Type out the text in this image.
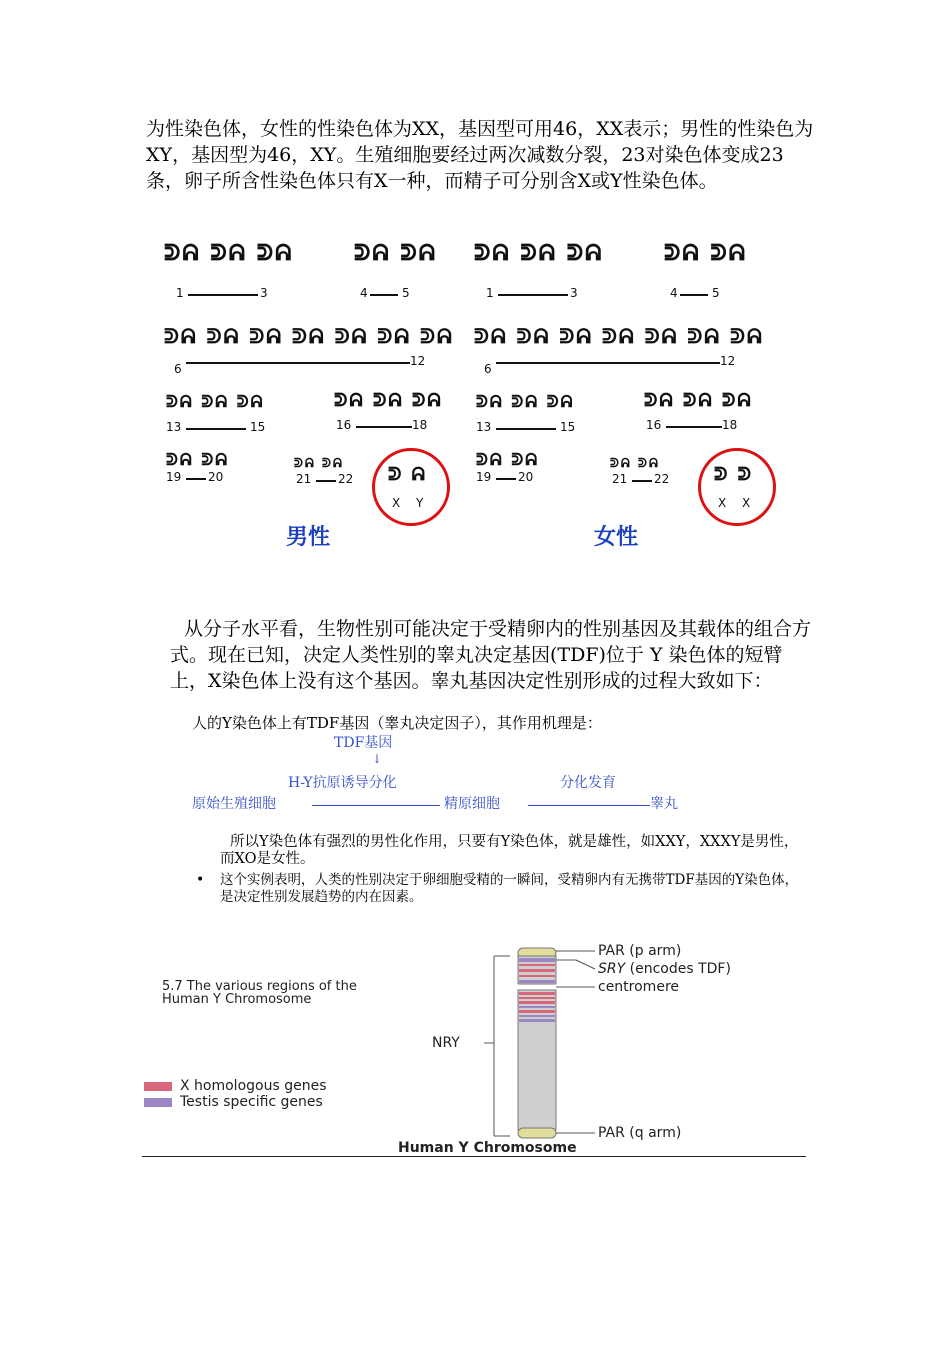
为性染色体，女性的性染色体为XX，基因型可用46，XX表示；男性的性染色为XY，基因型为46，XY。生殖细胞要经过两次减数分裂，23对染色体变成23条，卵子所含性染色体只有X一种，而精子可分别含X或Y性染色体。
ᕲᕱ ᕲᕱ ᕲᕱ
1	3
ᕲᕱ ᕲᕱ
4	5
ᕲᕱ ᕲᕱ ᕲᕱ ᕲᕱ ᕲᕱ ᕲᕱ ᕲᕱ
6
12
ᕲᕱ ᕲᕱ ᕲᕱ
13	15
ᕲᕱ ᕲᕱ ᕲᕱ
16	18
ᕲᕱ ᕲᕱ
19 20
ᕲᕱ ᕲᕱ
21 22 ᕲ ᕱ
X Y
男性
ᕲᕱ ᕲᕱ ᕲᕱ
1	3
ᕲᕱ ᕲᕱ
4	5
ᕲᕱ ᕲᕱ ᕲᕱ ᕲᕱ ᕲᕱ ᕲᕱ ᕲᕱ
6
12
ᕲᕱ ᕲᕱ ᕲᕱ
13	15
ᕲᕱ ᕲᕱ ᕲᕱ
16	18
ᕲᕱ ᕲᕱ
19 20
ᕲᕱ ᕲᕱ
21 22 ᕲ ᕲ
X X
女性
从分子水平看，生物性别可能决定于受精卵内的性别基因及其载体的组合方式。现在已知，决定人类性别的睾丸决定基因(TDF)位于 Y 染色体的短臂上，X染色体上没有这个基因。睾丸基因决定性别形成的过程大致如下：
人的Y染色体上有TDF基因（睾丸决定因子），其作用机理是：
TDF基因
↓
H-Y抗原诱导分化	分化发育
原始生殖细胞	精原细胞	睾丸
所以Y染色体有强烈的男性化作用，只要有Y染色体，就是雄性，如XXY，XXXY是男性，而XO是女性。
• 这个实例表明，人类的性别决定于卵细胞受精的一瞬间，受精卵内有无携带TDF基因的Y染色体，是决定性别发展趋势的内在因素。
5.7 The various regions of the
Human Y Chromosome
PAR (p arm)
SRY (encodes TDF)
centromere
NRY
PAR (q arm)
X homologous genes
Testis specific genes
Human Y Chromosome
